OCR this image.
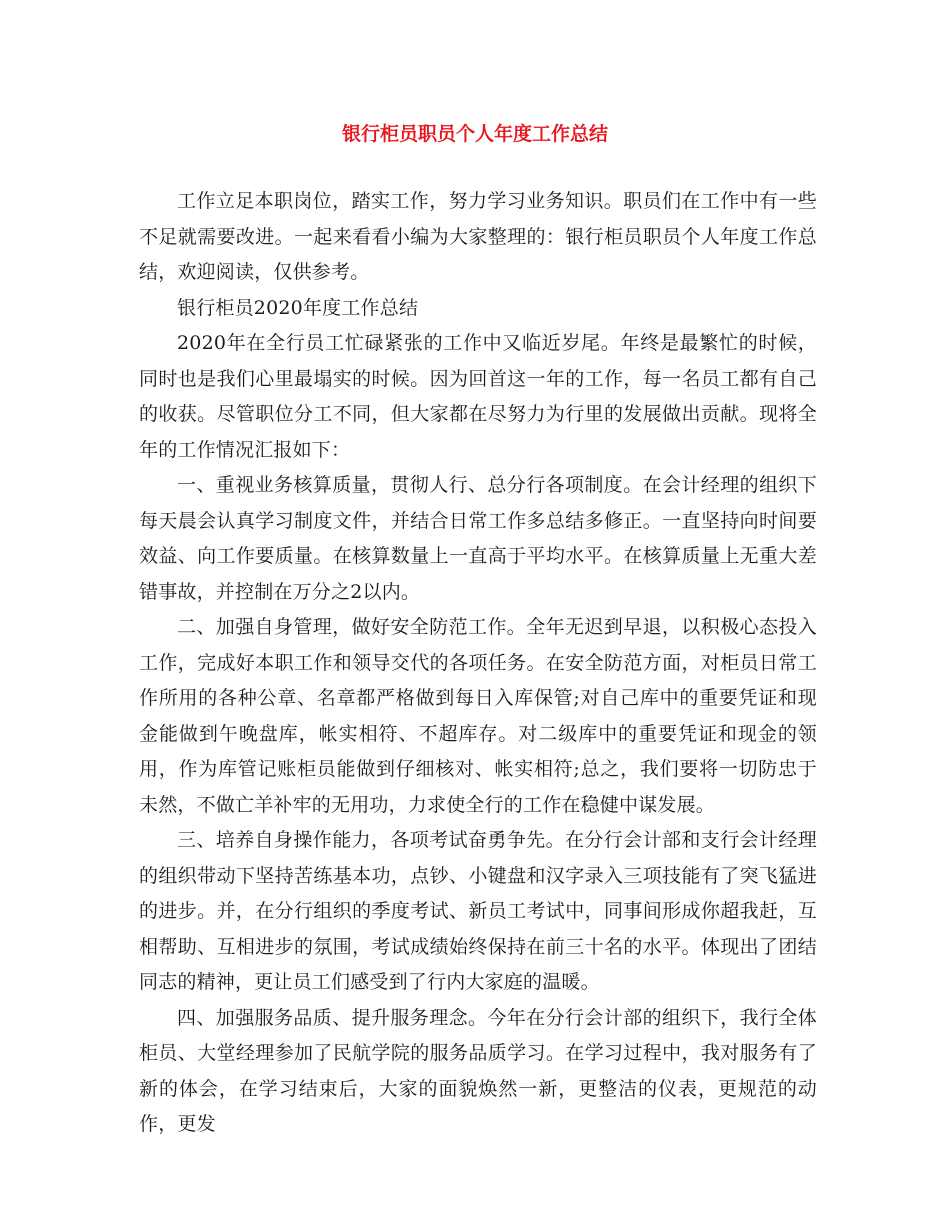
银行柜员职员个人年度工作总结

工作立足本职岗位，踏实工作，努力学习业务知识。职员们在工作中有一些不足就需要改进。一起来看看小编为大家整理的：银行柜员职员个人年度工作总结，欢迎阅读，仅供参考。

银行柜员2020年度工作总结

2020年在全行员工忙碌紧张的工作中又临近岁尾。年终是最繁忙的时候，同时也是我们心里最塌实的时候。因为回首这一年的工作，每一名员工都有自己的收获。尽管职位分工不同，但大家都在尽努力为行里的发展做出贡献。现将全年的工作情况汇报如下：

一、重视业务核算质量，贯彻人行、总分行各项制度。在会计经理的组织下每天晨会认真学习制度文件，并结合日常工作多总结多修正。一直坚持向时间要效益、向工作要质量。在核算数量上一直高于平均水平。在核算质量上无重大差错事故，并控制在万分之2以内。

二、加强自身管理，做好安全防范工作。全年无迟到早退，以积极心态投入工作，完成好本职工作和领导交代的各项任务。在安全防范方面，对柜员日常工作所用的各种公章、名章都严格做到每日入库保管;对自己库中的重要凭证和现金能做到午晚盘库，帐实相符、不超库存。对二级库中的重要凭证和现金的领用，作为库管记账柜员能做到仔细核对、帐实相符;总之，我们要将一切防忠于未然，不做亡羊补牢的无用功，力求使全行的工作在稳健中谋发展。

三、培养自身操作能力，各项考试奋勇争先。在分行会计部和支行会计经理的组织带动下坚持苦练基本功，点钞、小键盘和汉字录入三项技能有了突飞猛进的进步。并，在分行组织的季度考试、新员工考试中，同事间形成你超我赶，互相帮助、互相进步的氛围，考试成绩始终保持在前三十名的水平。体现出了团结同志的精神，更让员工们感受到了行内大家庭的温暖。

四、加强服务品质、提升服务理念。今年在分行会计部的组织下，我行全体柜员、大堂经理参加了民航学院的服务品质学习。在学习过程中，我对服务有了新的体会，在学习结束后，大家的面貌焕然一新，更整洁的仪表，更规范的动作，更发
